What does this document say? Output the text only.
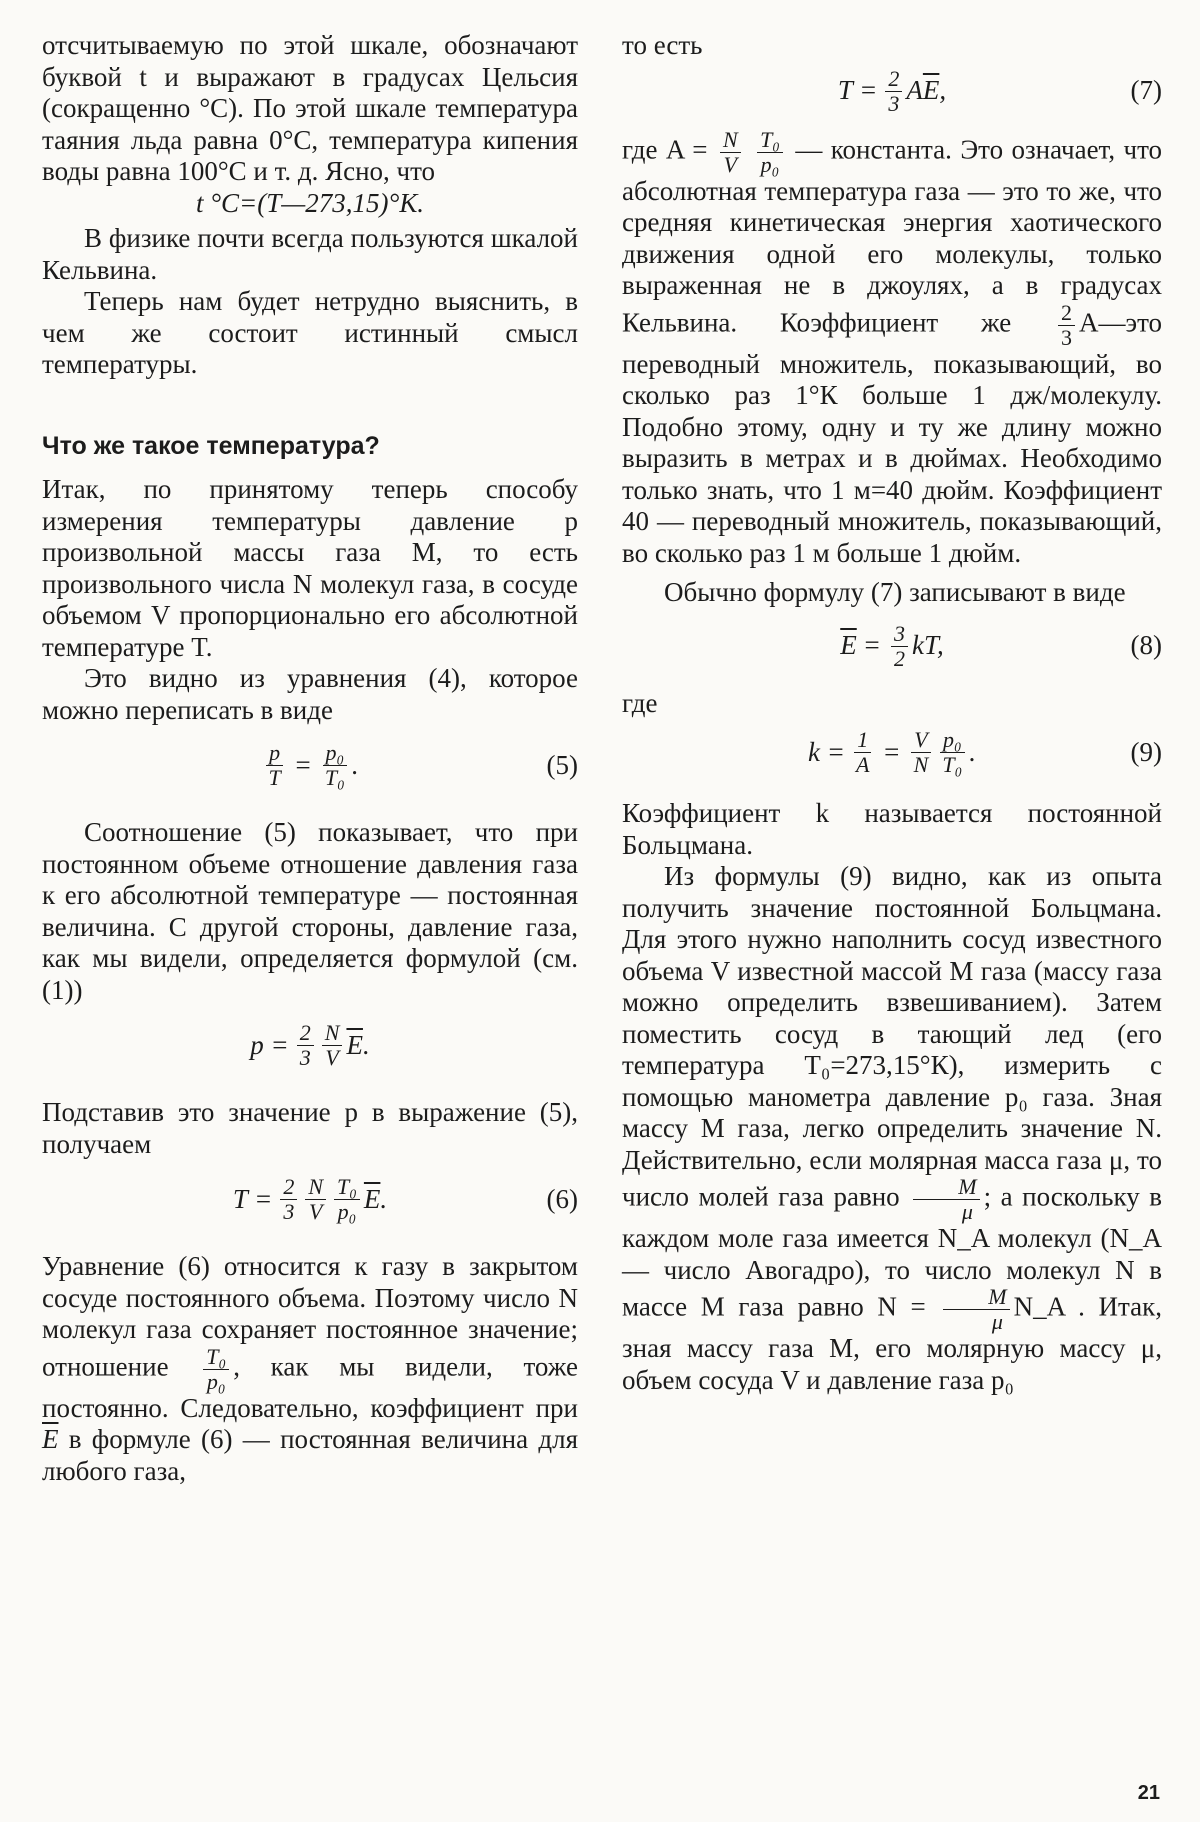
отсчитываемую по этой шкале, обозначают буквой t и выражают в градусах Цельсия (сокращенно °С). По этой шкале температура таяния льда равна 0°С, температура кипения воды равна 100°С и т. д. Ясно, что

t °С=(T—273,15)°К.

В физике почти всегда пользуются шкалой Кельвина.

Теперь нам будет нетрудно выяснить, в чем же состоит истинный смысл температуры.

Что же такое температура?

Итак, по принятому теперь способу измерения температуры давление p произвольной массы газа M, то есть произвольного числа N молекул газа, в сосуде объемом V пропорционально его абсолютной температуре T.

Это видно из уравнения (4), которое можно переписать в виде

$\frac{p}{T} = \frac{\text{p₀}}{\text{T₀}}$ .	(5)

Соотношение (5) показывает, что при постоянном объеме отношение давления газа к его абсолютной температуре — постоянная величина. С другой стороны, давление газа, как мы видели, определяется формулой (см. (1))

$p = \frac{2}{3} \frac{N}{V} \overline{E}$ .

Подставив это значение p в выражение (5), получаем

$T = \frac{2}{3} \frac{N}{V} \frac{\text{T₀}}{\text{p₀}} \overline{E}$ .	(6)

Уравнение (6) относится к газу в закрытом сосуде постоянного объема. Поэтому число N молекул газа сохраняет постоянное значение; отношение $\frac{\text{T₀}}{\text{p₀}}$ , как мы видели, тоже постоянно. Следовательно, коэффициент при $\overline{E}$ в формуле (6) — постоянная величина для любого газа,

то есть

$T = \frac{2}{3}$ A $\overline{E}$ ,	(7)

где $A = \frac{N}{V}$
$\frac{\text{T₀}}{\text{p₀}}$ — константа. Это означает, что абсолютная температура газа — это то же, что средняя кинетическая энергия хаотического движения одной его молекулы, только выраженная не в джоулях, а в градусах Кельвина. Коэффициент же $\frac{2}{3}$ A—это переводный множитель, показывающий, во сколько раз 1°К больше 1 дж/молекулу. Подобно этому, одну и ту же длину можно выразить в метрах и в дюймах. Необходимо только знать, что 1 м=40 дюйм. Коэффициент 40 — переводный множитель, показывающий, во сколько раз 1 м больше 1 дюйм.

Обычно формулу (7) записывают в виде

$\overline{E} = \frac{3}{2}$ kT,	(8)

где

$k = \frac{1}{A} = \frac{V}{N} \frac{\text{p₀}}{\text{T₀}}$ .	(9)

Коэффициент k называется постоянной Больцмана.

Из формулы (9) видно, как из опыта получить значение постоянной Больцмана. Для этого нужно наполнить сосуд известного объема V известной массой M газа (массу газа можно определить взвешиванием). Затем поместить сосуд в тающий лед (его температура T₀=273,15°К), измерить с помощью манометра давление p₀ газа. Зная массу M газа, легко определить значение N. Действительно, если молярная масса газа μ, то число молей газа равно $\frac{M}{\mu}$ ; а поскольку в каждом моле газа имеется N_A молекул (N_A — число Авогадро), то число молекул N в массе M газа равно $N = \frac{M}{\mu}$ N_A . Итак, зная массу газа M, его молярную массу μ, объем сосуда V и давление газа p₀

21
